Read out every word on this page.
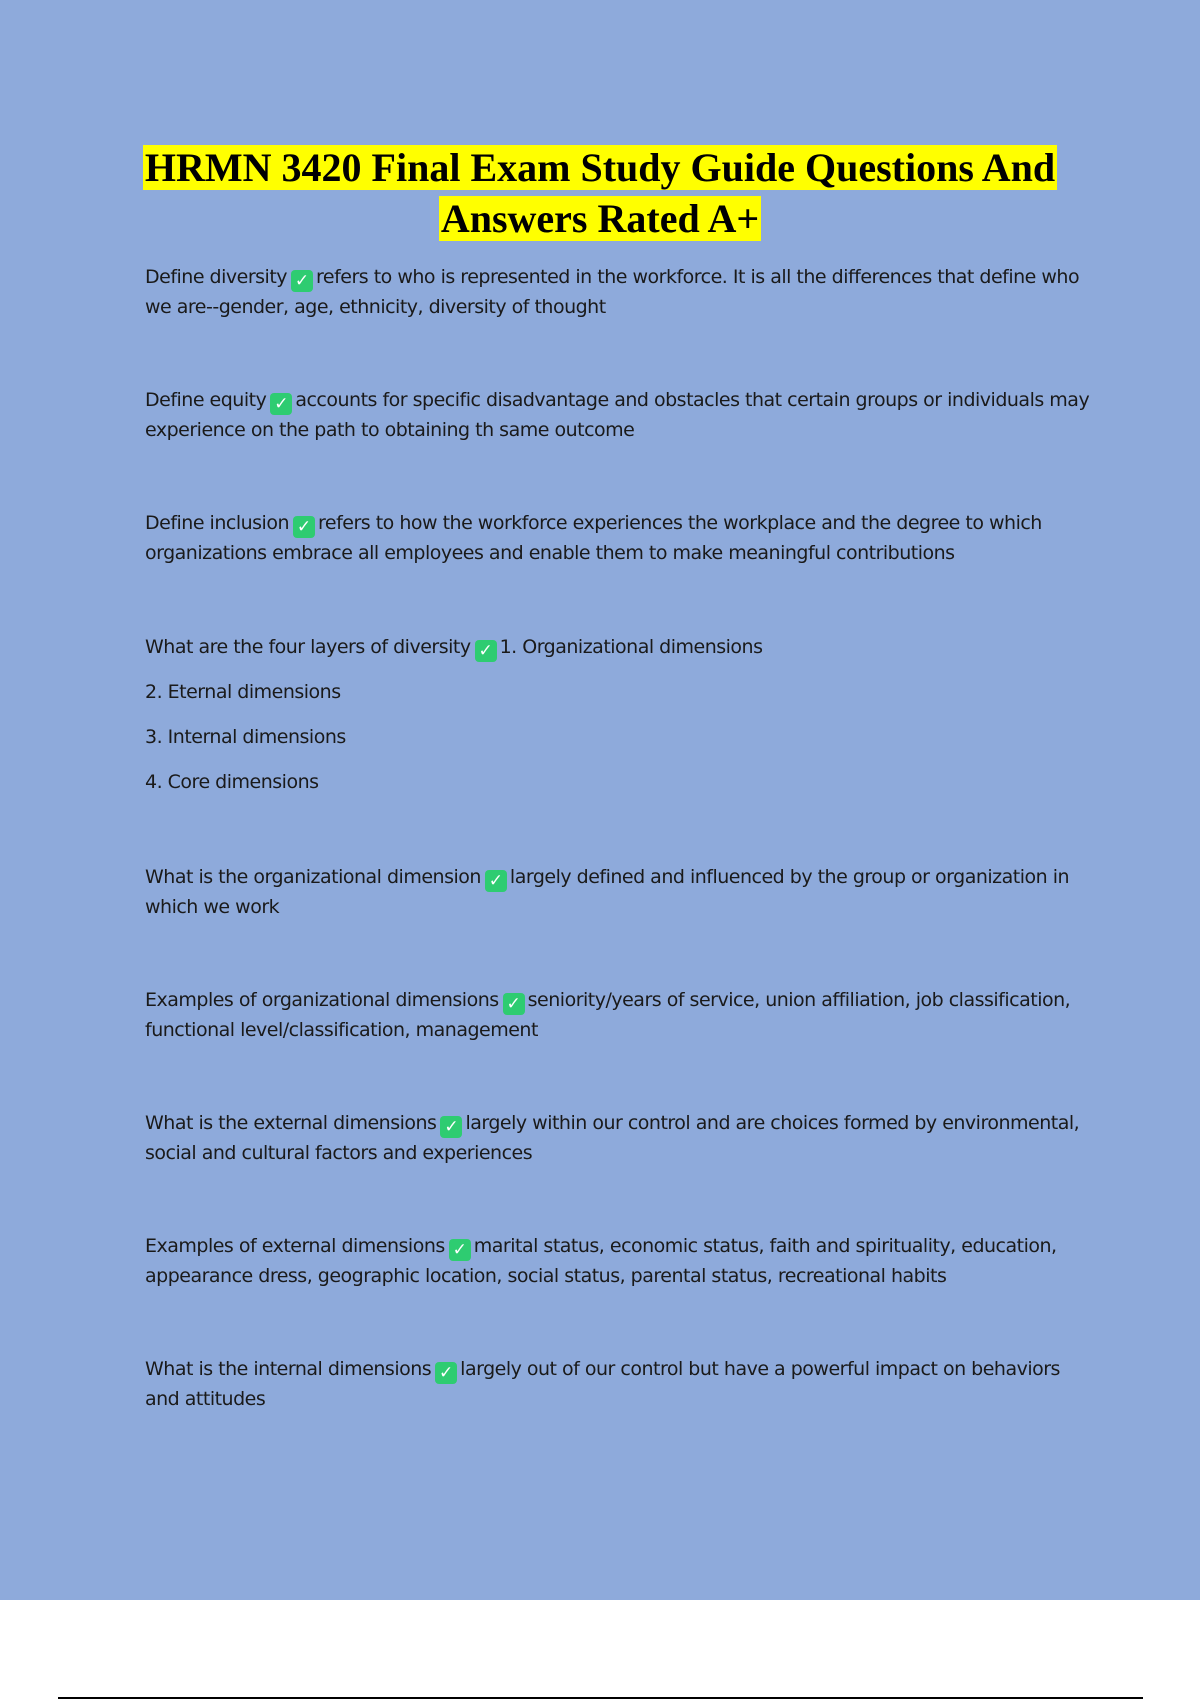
HRMN 3420 Final Exam Study Guide Questions And
Answers Rated A+
Define diversity ✓ refers to who is represented in the workforce. It is all the differences that define who we are--gender, age, ethnicity, diversity of thought
Define equity ✓ accounts for specific disadvantage and obstacles that certain groups or individuals may experience on the path to obtaining th same outcome
Define inclusion ✓ refers to how the workforce experiences the workplace and the degree to which organizations embrace all employees and enable them to make meaningful contributions
What are the four layers of diversity ✓ 1. Organizational dimensions
2. Eternal dimensions
3. Internal dimensions
4. Core dimensions
What is the organizational dimension ✓ largely defined and influenced by the group or organization in which we work
Examples of organizational dimensions ✓ seniority/years of service, union affiliation, job classification, functional level/classification, management
What is the external dimensions ✓ largely within our control and are choices formed by environmental, social and cultural factors and experiences
Examples of external dimensions ✓ marital status, economic status, faith and spirituality, education, appearance dress, geographic location, social status, parental status, recreational habits
What is the internal dimensions ✓ largely out of our control but have a powerful impact on behaviors and attitudes
